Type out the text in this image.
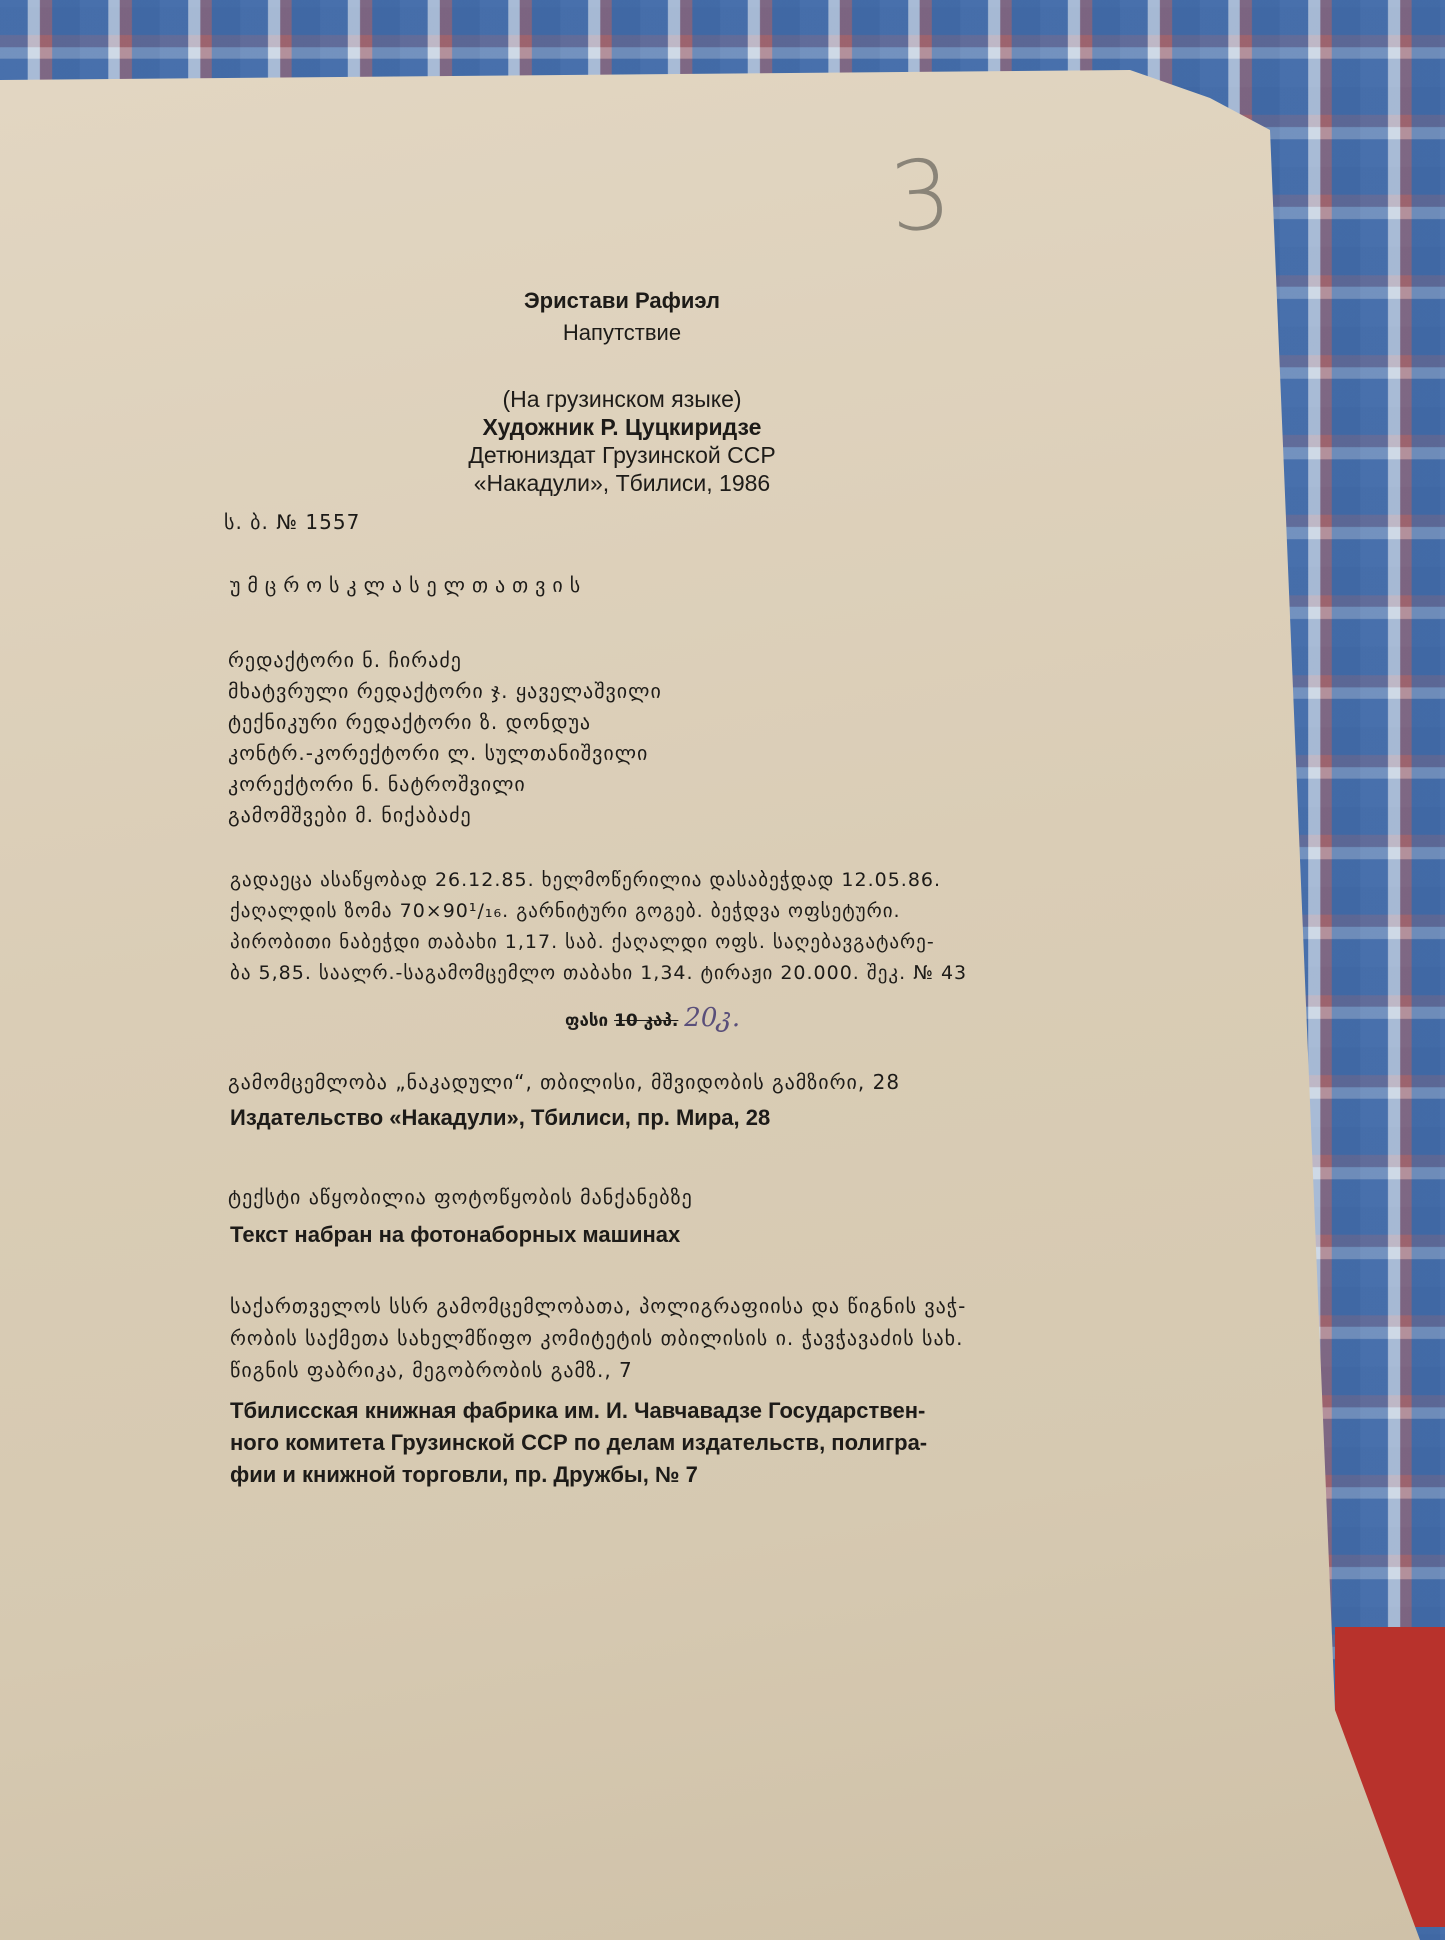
3
Эристави Рафиэл
Напутствие
(На грузинском языке)
Художник Р. Цуцкиридзе
Детюниздат Грузинской ССР
«Накадули», Тбилиси, 1986
ს. ბ. № 1557
უმცროსკლასელთათვის
რედაქტორი ნ. ჩირაძე
მხატვრული რედაქტორი ჯ. ყაველაშვილი
ტექნიკური რედაქტორი ზ. დონდუა
კონტრ.-კორექტორი ლ. სულთანიშვილი
კორექტორი ნ. ნატროშვილი
გამომშვები მ. ნიქაბაძე
გადაეცა ასაწყობად 26.12.85. ხელმოწერილია დასაბეჭდად 12.05.86.
ქაღალდის ზომა 70×90¹/₁₆. გარნიტური გოგებ. ბეჭდვა ოფსეტური.
პირობითი ნაბეჭდი თაბახი 1,17. საბ. ქაღალდი ოფს. საღებავგატარე-
ბა 5,85. საალრ.-საგამომცემლო თაბახი 1,34. ტირაჟი 20.000. შეკ. № 43
ფასი 10 კაპ. 20კ.
გამომცემლობა „ნაკადული“, თბილისი, მშვიდობის გამზირი, 28
Издательство «Накадули», Тбилиси, пр. Мира, 28
ტექსტი აწყობილია ფოტოწყობის მანქანებზე
Текст набран на фотонаборных машинах
საქართველოს სსრ გამომცემლობათა, პოლიგრაფიისა და წიგნის ვაჭ-
რობის საქმეთა სახელმწიფო კომიტეტის თბილისის ი. ჭავჭავაძის სახ.
წიგნის ფაბრიკა, მეგობრობის გამზ., 7
Тбилисская книжная фабрика им. И. Чавчавадзе Государствен-
ного комитета Грузинской ССР по делам издательств, полигра-
фии и книжной торговли, пр. Дружбы, № 7
